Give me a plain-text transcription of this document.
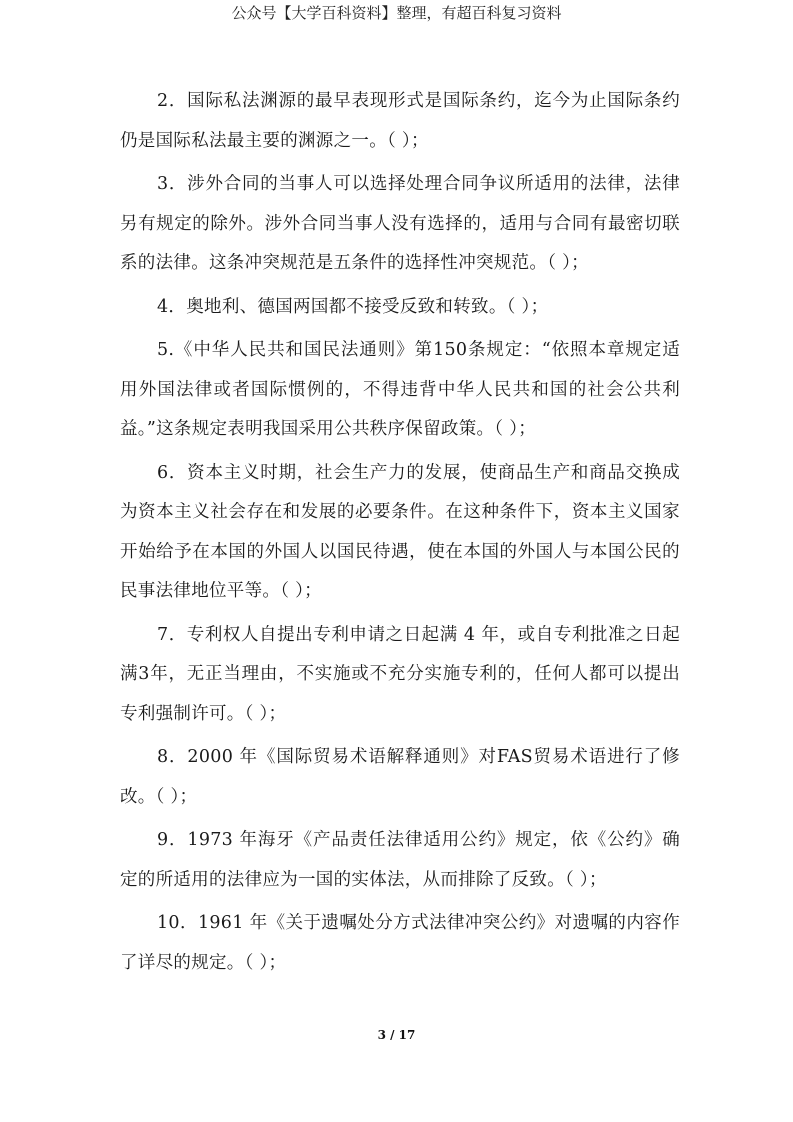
公众号【大学百科资料】整理，有超百科复习资料

2．国际私法渊源的最早表现形式是国际条约，迄今为止国际条约仍是国际私法最主要的渊源之一。（ ）；

3．涉外合同的当事人可以选择处理合同争议所适用的法律，法律另有规定的除外。涉外合同当事人没有选择的，适用与合同有最密切联系的法律。这条冲突规范是五条件的选择性冲突规范。（ ）；

4．奥地利、德国两国都不接受反致和转致。（ ）；

5.《中华人民共和国民法通则》第150条规定：“依照本章规定适用外国法律或者国际惯例的，不得违背中华人民共和国的社会公共利益。”这条规定表明我国采用公共秩序保留政策。（ ）；

6．资本主义时期，社会生产力的发展，使商品生产和商品交换成为资本主义社会存在和发展的必要条件。在这种条件下，资本主义国家开始给予在本国的外国人以国民待遇，使在本国的外国人与本国公民的民事法律地位平等。（ ）；

7．专利权人自提出专利申请之日起满 4 年，或自专利批准之日起满3年，无正当理由，不实施或不充分实施专利的，任何人都可以提出专利强制许可。（ ）；

8．2000 年《国际贸易术语解释通则》对FAS贸易术语进行了修改。（ ）；

9．1973 年海牙《产品责任法律适用公约》规定，依《公约》确定的所适用的法律应为一国的实体法，从而排除了反致。（ ）；

10．1961 年《关于遗嘱处分方式法律冲突公约》对遗嘱的内容作了详尽的规定。（ ）；

3 / 17
